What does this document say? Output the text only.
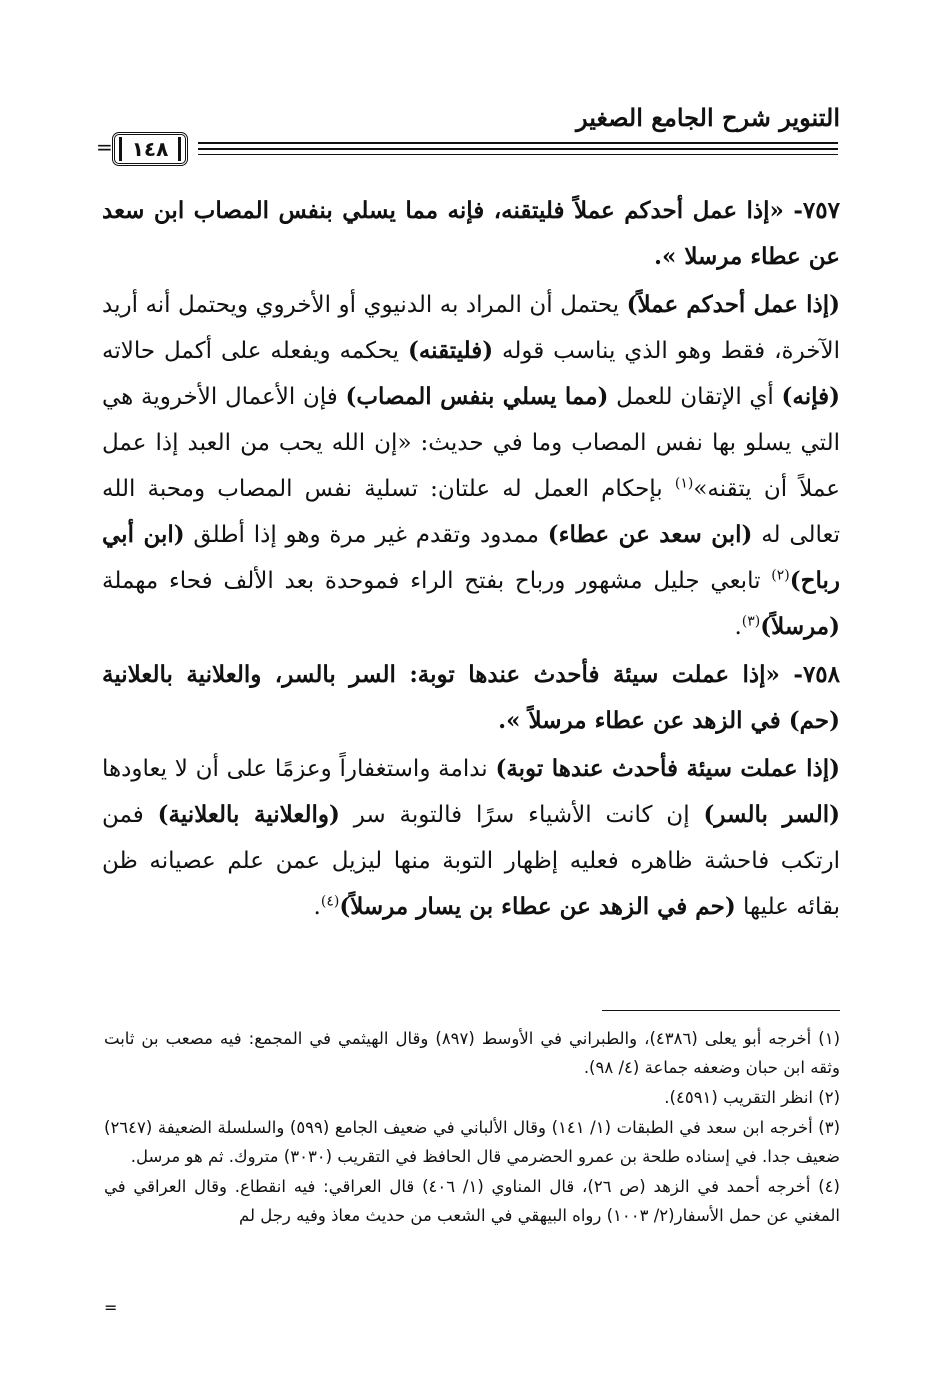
التنوير شرح الجامع الصغير
١٤٨
=

٧٥٧- «إذا عمل أحدكم عملاً فليتقنه، فإنه مما يسلي بنفس المصاب ابن سعد عن عطاء مرسلا ».

(إذا عمل أحدكم عملاً) يحتمل أن المراد به الدنيوي أو الأخروي ويحتمل أنه أريد الآخرة، فقط وهو الذي يناسب قوله (فليتقنه) يحكمه ويفعله على أكمل حالاته (فإنه) أي الإتقان للعمل (مما يسلي بنفس المصاب) فإن الأعمال الأخروية هي التي يسلو بها نفس المصاب وما في حديث: «إن الله يحب من العبد إذا عمل عملاً أن يتقنه»$^{(١)}$ بإحكام العمل له علتان: تسلية نفس المصاب ومحبة الله تعالى له (ابن سعد عن عطاء) ممدود وتقدم غير مرة وهو إذا أطلق (ابن أبي رباح)$^{(٢)}$ تابعي جليل مشهور ورباح بفتح الراء فموحدة بعد الألف فحاء مهملة (مرسلاً)$^{(٣)}$.

٧٥٨- «إذا عملت سيئة فأحدث عندها توبة: السر بالسر، والعلانية بالعلانية (حم) في الزهد عن عطاء مرسلاً ».

(إذا عملت سيئة فأحدث عندها توبة) ندامة واستغفاراً وعزمًا على أن لا يعاودها (السر بالسر) إن كانت الأشياء سرًا فالتوبة سر (والعلانية بالعلانية) فمن ارتكب فاحشة ظاهره فعليه إظهار التوبة منها ليزيل عمن علم عصيانه ظن بقائه عليها (حم في الزهد عن عطاء بن يسار مرسلاً)$^{(٤)}$.

(١) أخرجه أبو يعلى (٤٣٨٦)، والطبراني في الأوسط (٨٩٧) وقال الهيثمي في المجمع: فيه مصعب بن ثابت وثقه ابن حبان وضعفه جماعة (٤/ ٩٨).

(٢) انظر التقريب (٤٥٩١).

(٣) أخرجه ابن سعد في الطبقات (١/ ١٤١) وقال الألباني في ضعيف الجامع (٥٩٩) والسلسلة الضعيفة (٢٦٤٧) ضعيف جدا. في إسناده طلحة بن عمرو الحضرمي قال الحافظ في التقريب (٣٠٣٠) متروك. ثم هو مرسل.

(٤) أخرجه أحمد في الزهد (ص ٢٦)، قال المناوي (١/ ٤٠٦) قال العراقي: فيه انقطاع. وقال العراقي في المغني عن حمل الأسفار(٢/ ١٠٠٣) رواه البيهقي في الشعب من حديث معاذ وفيه رجل لم

=
